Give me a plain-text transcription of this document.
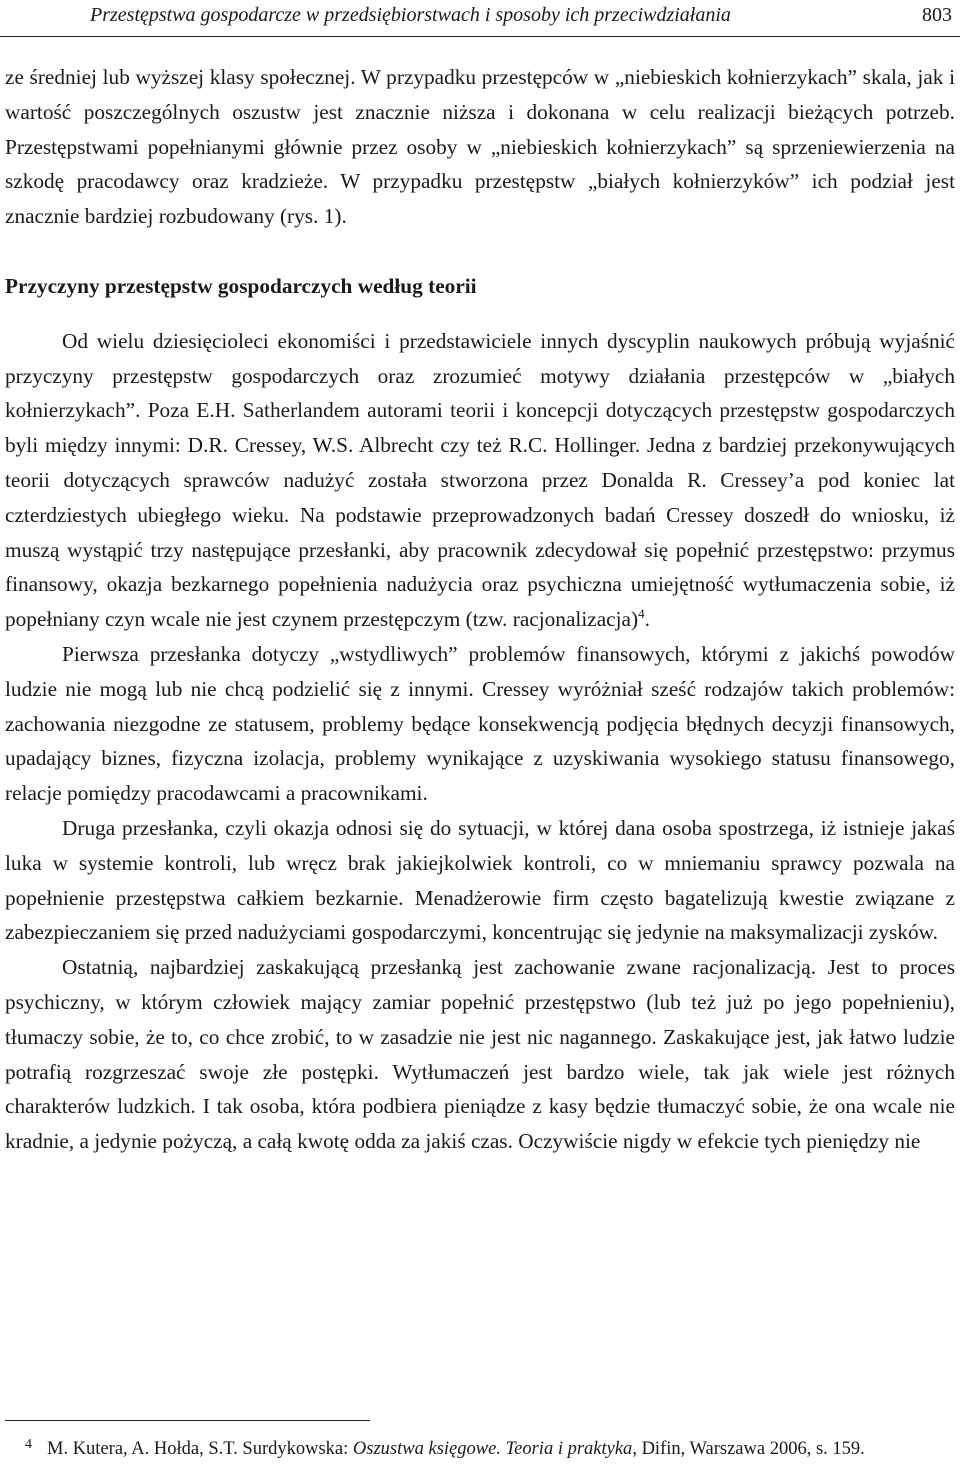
Przestępstwa gospodarcze w przedsiębiorstwach i sposoby ich przeciwdziałania	803

ze średniej lub wyższej klasy społecznej. W przypadku przestępców w „niebieskich kołnierzykach” skala, jak i wartość poszczególnych oszustw jest znacznie niższa i dokonana w celu realizacji bieżących potrzeb. Przestępstwami popełnianymi głównie przez osoby w „niebieskich kołnierzykach” są sprzeniewierzenia na szkodę pracodawcy oraz kradzieże. W przypadku przestępstw „białych kołnierzyków” ich podział jest znacznie bardziej rozbudowany (rys. 1).

Przyczyny przestępstw gospodarczych według teorii

Od wielu dziesięcioleci ekonomiści i przedstawiciele innych dyscyplin naukowych próbują wyjaśnić przyczyny przestępstw gospodarczych oraz zrozumieć motywy działania przestępców w „białych kołnierzykach”. Poza E.H. Satherlandem autorami teorii i koncepcji dotyczących przestępstw gospodarczych byli między innymi: D.R. Cressey, W.S. Albrecht czy też R.C. Hollinger. Jedna z bardziej przekonywujących teorii dotyczących sprawców nadużyć została stworzona przez Donalda R. Cressey’a pod koniec lat czterdziestych ubiegłego wieku. Na podstawie przeprowadzonych badań Cressey doszedł do wniosku, iż muszą wystąpić trzy następujące przesłanki, aby pracownik zdecydował się popełnić przestępstwo: przymus finansowy, okazja bezkarnego popełnienia nadużycia oraz psychiczna umiejętność wytłumaczenia sobie, iż popełniany czyn wcale nie jest czynem przestępczym (tzw. racjonalizacja)$^4$.

Pierwsza przesłanka dotyczy „wstydliwych” problemów finansowych, którymi z jakichś powodów ludzie nie mogą lub nie chcą podzielić się z innymi. Cressey wyróżniał sześć rodzajów takich problemów: zachowania niezgodne ze statusem, problemy będące konsekwencją podjęcia błędnych decyzji finansowych, upadający biznes, fizyczna izolacja, problemy wynikające z uzyskiwania wysokiego statusu finansowego, relacje pomiędzy pracodawcami a pracownikami.

Druga przesłanka, czyli okazja odnosi się do sytuacji, w której dana osoba spostrzega, iż istnieje jakaś luka w systemie kontroli, lub wręcz brak jakiejkolwiek kontroli, co w mniemaniu sprawcy pozwala na popełnienie przestępstwa całkiem bezkarnie. Menadżerowie firm często bagatelizują kwestie związane z zabezpieczaniem się przed nadużyciami gospodarczymi, koncentrując się jedynie na maksymalizacji zysków.

Ostatnią, najbardziej zaskakującą przesłanką jest zachowanie zwane racjonalizacją. Jest to proces psychiczny, w którym człowiek mający zamiar popełnić przestępstwo (lub też już po jego popełnieniu), tłumaczy sobie, że to, co chce zrobić, to w zasadzie nie jest nic nagannego. Zaskakujące jest, jak łatwo ludzie potrafią rozgrzeszać swoje złe postępki. Wytłumaczeń jest bardzo wiele, tak jak wiele jest różnych charakterów ludzkich. I tak osoba, która podbiera pieniądze z kasy będzie tłumaczyć sobie, że ona wcale nie kradnie, a jedynie pożyczą, a całą kwotę odda za jakiś czas. Oczywiście nigdy w efekcie tych pieniędzy nie

4 M. Kutera, A. Hołda, S.T. Surdykowska: Oszustwa księgowe. Teoria i praktyka, Difin, Warszawa 2006, s. 159.
